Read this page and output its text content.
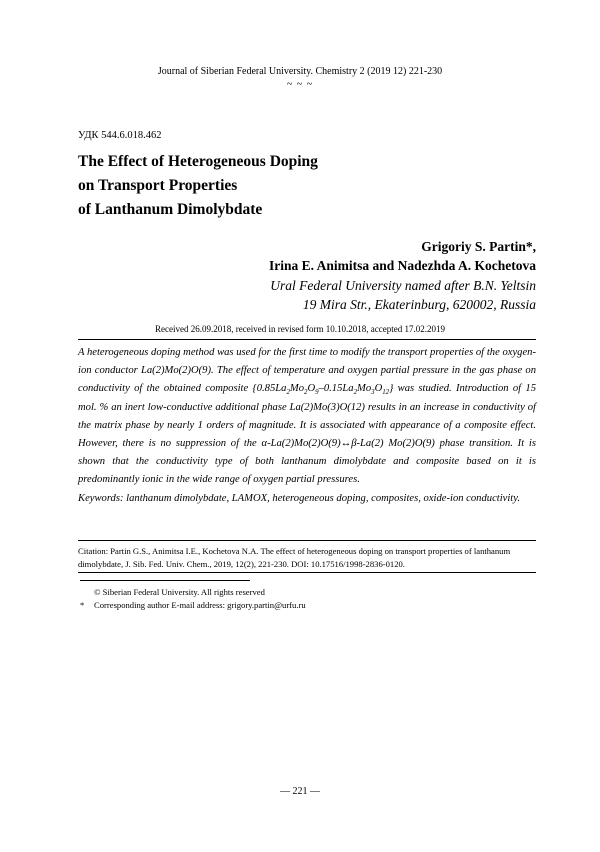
Journal of Siberian Federal University. Chemistry 2 (2019 12) 221-230
~ ~ ~
УДК 544.6.018.462
The Effect of Heterogeneous Doping
on Transport Properties
of Lanthanum Dimolybdate
Grigoriy S. Partin*,
Irina E. Animitsa and Nadezhda A. Kochetova
Ural Federal University named after B.N. Yeltsin
19 Mira Str., Ekaterinburg, 620002, Russia
Received 26.09.2018, received in revised form 10.10.2018, accepted 17.02.2019

A heterogeneous doping method was used for the first time to modify the transport properties of the oxygen-ion conductor La(2)Mo(2)O(9). The effect of temperature and oxygen partial pressure in the gas phase on conductivity of the obtained composite $\{0.85La_2Mo_2O_9-0.15La_2Mo_3O_{12}\}$ was studied. Introduction of 15 mol. % an inert low-conductive additional phase La(2)Mo(3)O(12) results in an increase in conductivity of the matrix phase by nearly 1 orders of magnitude. It is associated with appearance of a composite effect. However, there is no suppression of the α-La(2)Mo(2)O(9)↔β-La(2) Mo(2)O(9) phase transition. It is shown that the conductivity type of both lanthanum dimolybdate and composite based on it is predominantly ionic in the wide range of oxygen partial pressures.

Keywords: lanthanum dimolybdate, LAMOX, heterogeneous doping, composites, oxide-ion conductivity.
Citation: Partin G.S., Animitsa I.E., Kochetova N.A. The effect of heterogeneous doping on transport properties of lanthanum dimolybdate, J. Sib. Fed. Univ. Chem., 2019, 12(2), 221-230. DOI: 10.17516/1998-2836-0120.
© Siberian Federal University. All rights reserved
*	Corresponding author E-mail address: grigory.partin@urfu.ru
— 221 —
